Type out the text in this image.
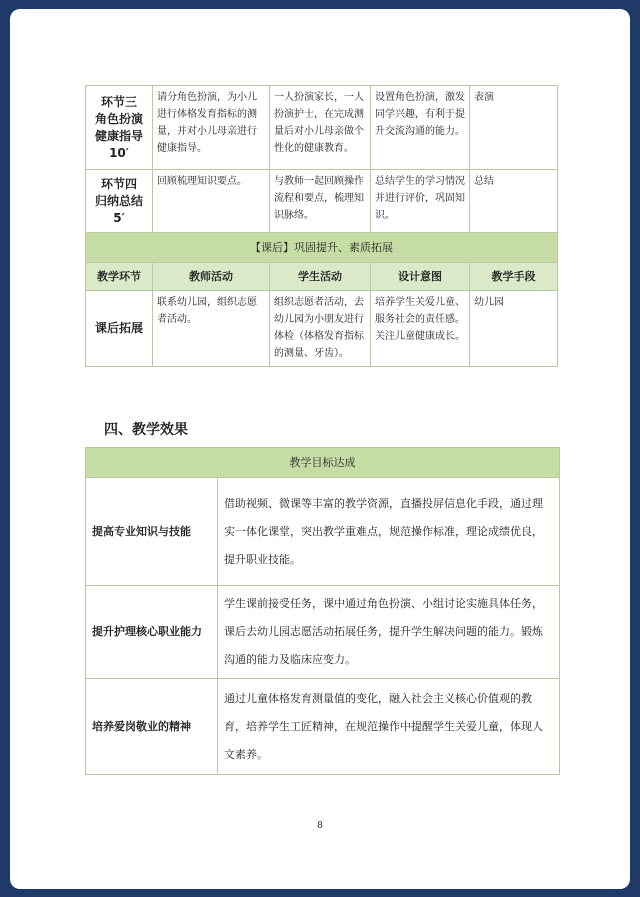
环节三
角色扮演
健康指导
10′	请分角色扮演，为小儿进行体格发育指标的测量，并对小儿母亲进行健康指导。	一人扮演家长，一人扮演护士，在完成测量后对小儿母亲做个性化的健康教育。	设置角色扮演，激发同学兴趣，有利于提升交流沟通的能力。	表演

环节四
归纳总结
5′	回顾梳理知识要点。	与教师一起回顾操作流程和要点，梳理知识脉络。	总结学生的学习情况并进行评价，巩固知识。	总结
【课后】巩固提升、素质拓展				
教学环节	教师活动	学生活动	设计意图	教学手段
课后拓展	联系幼儿园，组织志愿者活动。	组织志愿者活动，去幼儿园为小朋友进行体检（体格发育指标的测量、牙齿）。	培养学生关爱儿童、服务社会的责任感。关注儿童健康成长。	幼儿园
四、教学效果
教学目标达成	
提高专业知识与技能	借助视频、微课等丰富的教学资源，直播投屏信息化手段，通过理实一体化课堂，突出教学重难点，规范操作标准，理论成绩优良，提升职业技能。
提升护理核心职业能力	学生课前接受任务，课中通过角色扮演、小组讨论实施具体任务，课后去幼儿园志愿活动拓展任务，提升学生解决问题的能力。锻炼沟通的能力及临床应变力。
培养爱岗敬业的精神	通过儿童体格发育测量值的变化，融入社会主义核心价值观的教育，培养学生工匠精神，在规范操作中提醒学生关爱儿童，体现人文素养。
8
